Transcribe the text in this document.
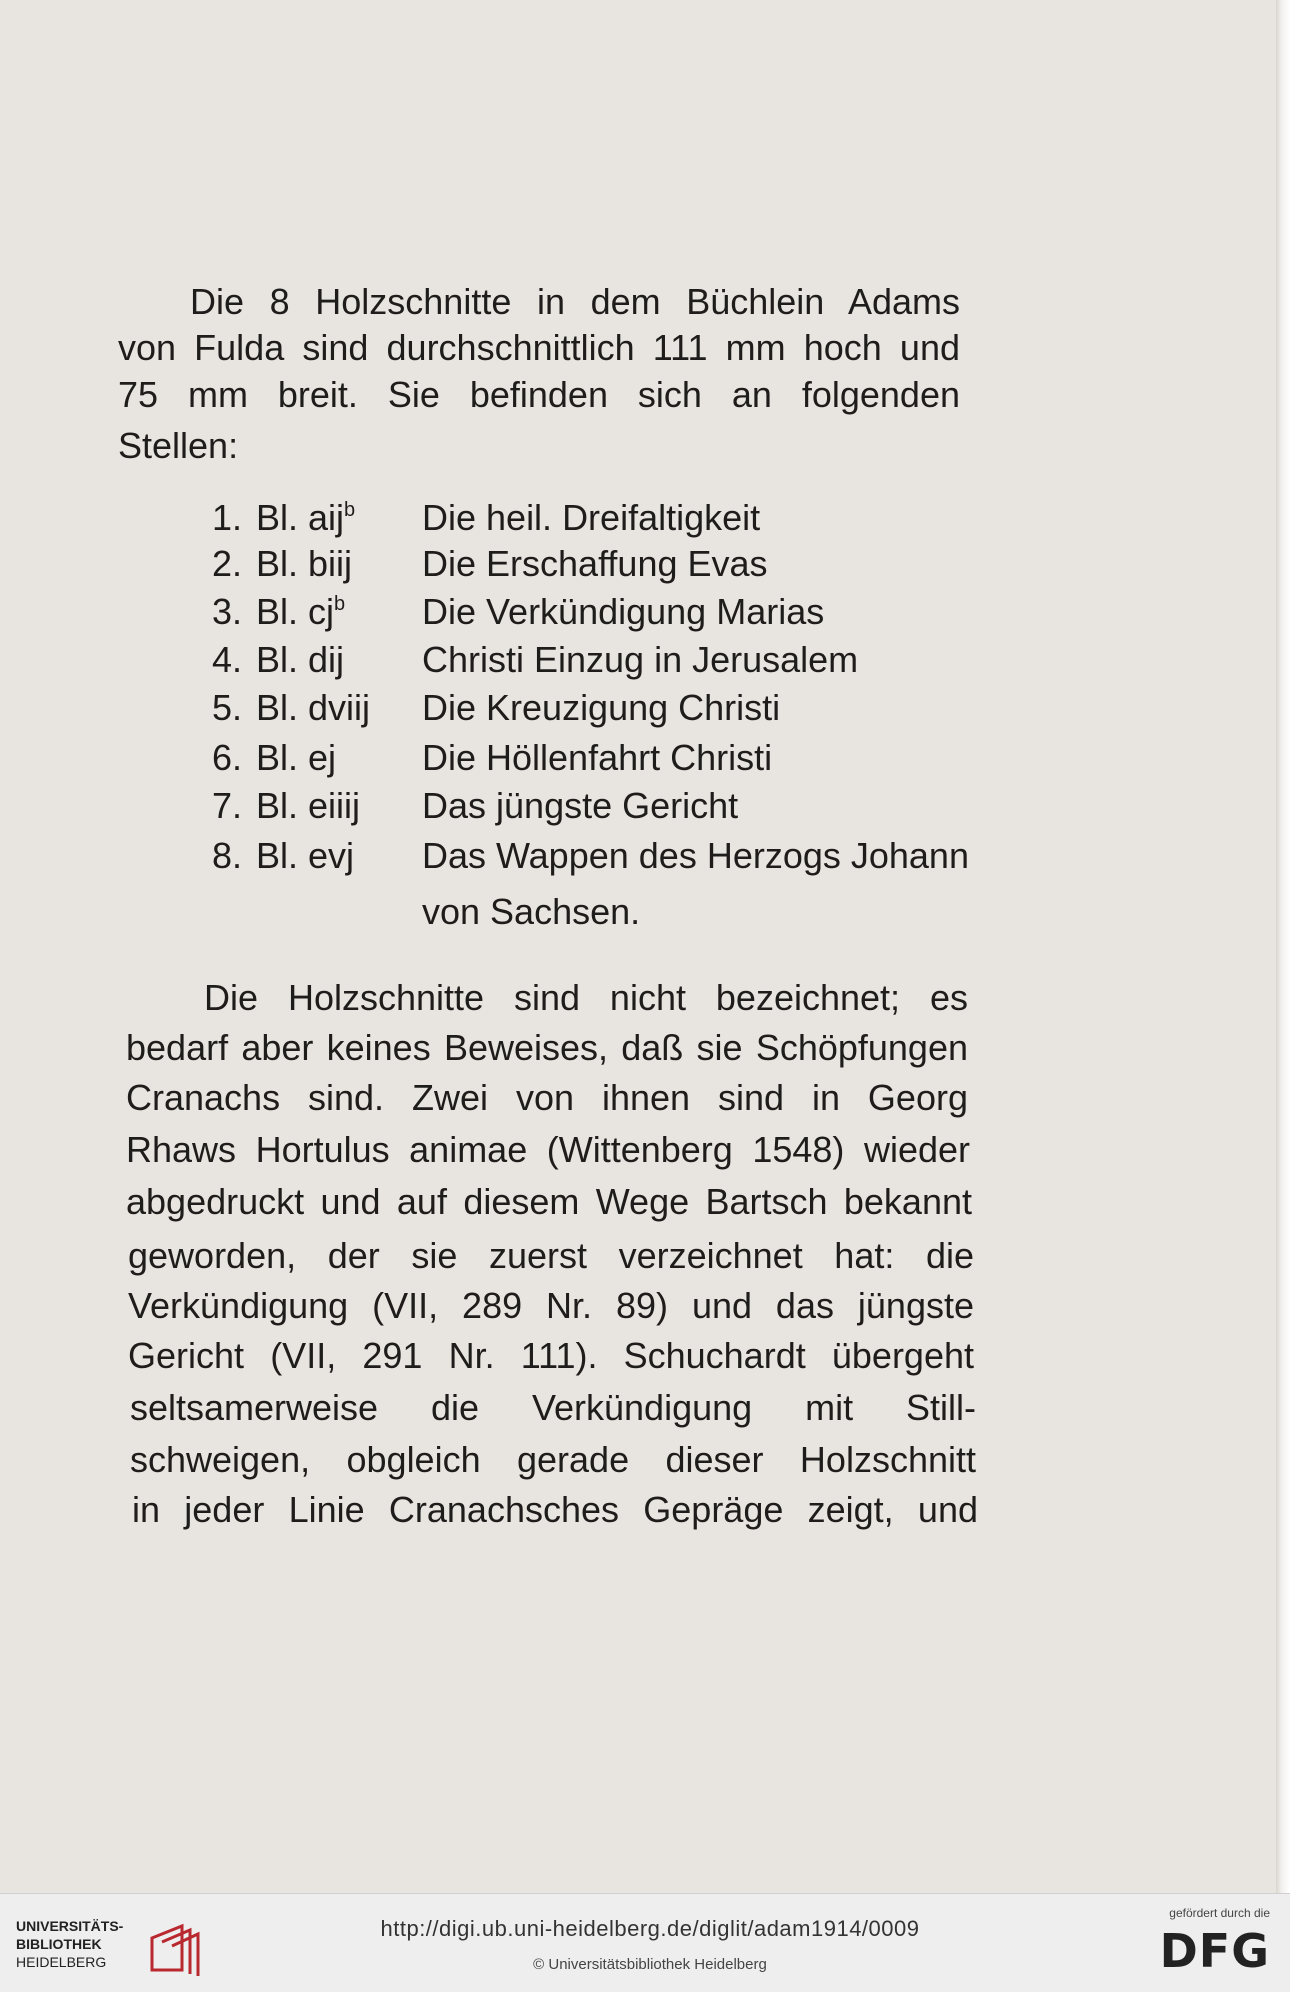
Die 8 Holzschnitte in dem Büchlein Adams
von Fulda sind durchschnittlich 111 mm hoch und
75 mm breit. Sie befinden sich an folgenden
Stellen:
1. Bl. aij$^b$ Die heil. Dreifaltigkeit
2. Bl. biij Die Erschaffung Evas
3. Bl. $cj^b$ Die Verkündigung Marias
4. Bl. dij Christi Einzug in Jerusalem
5. Bl. dviij Die Kreuzigung Christi
6. Bl. ej Die Höllenfahrt Christi
7. Bl. eiiij Das jüngste Gericht
8. Bl. evj Das Wappen des Herzogs Johann
von Sachsen.
Die Holzschnitte sind nicht bezeichnet; es
bedarf aber keines Beweises, daß sie Schöpfungen
Cranachs sind. Zwei von ihnen sind in Georg
Rhaws Hortulus animae (Wittenberg 1548) wieder
abgedruckt und auf diesem Wege Bartsch bekannt
geworden, der sie zuerst verzeichnet hat: die
Verkündigung (VII, 289 Nr. 89) und das jüngste
Gericht (VII, 291 Nr. 111). Schuchardt übergeht
seltsamerweise die Verkündigung mit Still-
schweigen, obgleich gerade dieser Holzschnitt
in jeder Linie Cranachsches Gepräge zeigt, und
UNIVERSITÄTS-
BIBLIOTHEK
HEIDELBERG
http://digi.ub.uni-heidelberg.de/diglit/adam1914/0009
© Universitätsbibliothek Heidelberg
gefördert durch die
DFG
